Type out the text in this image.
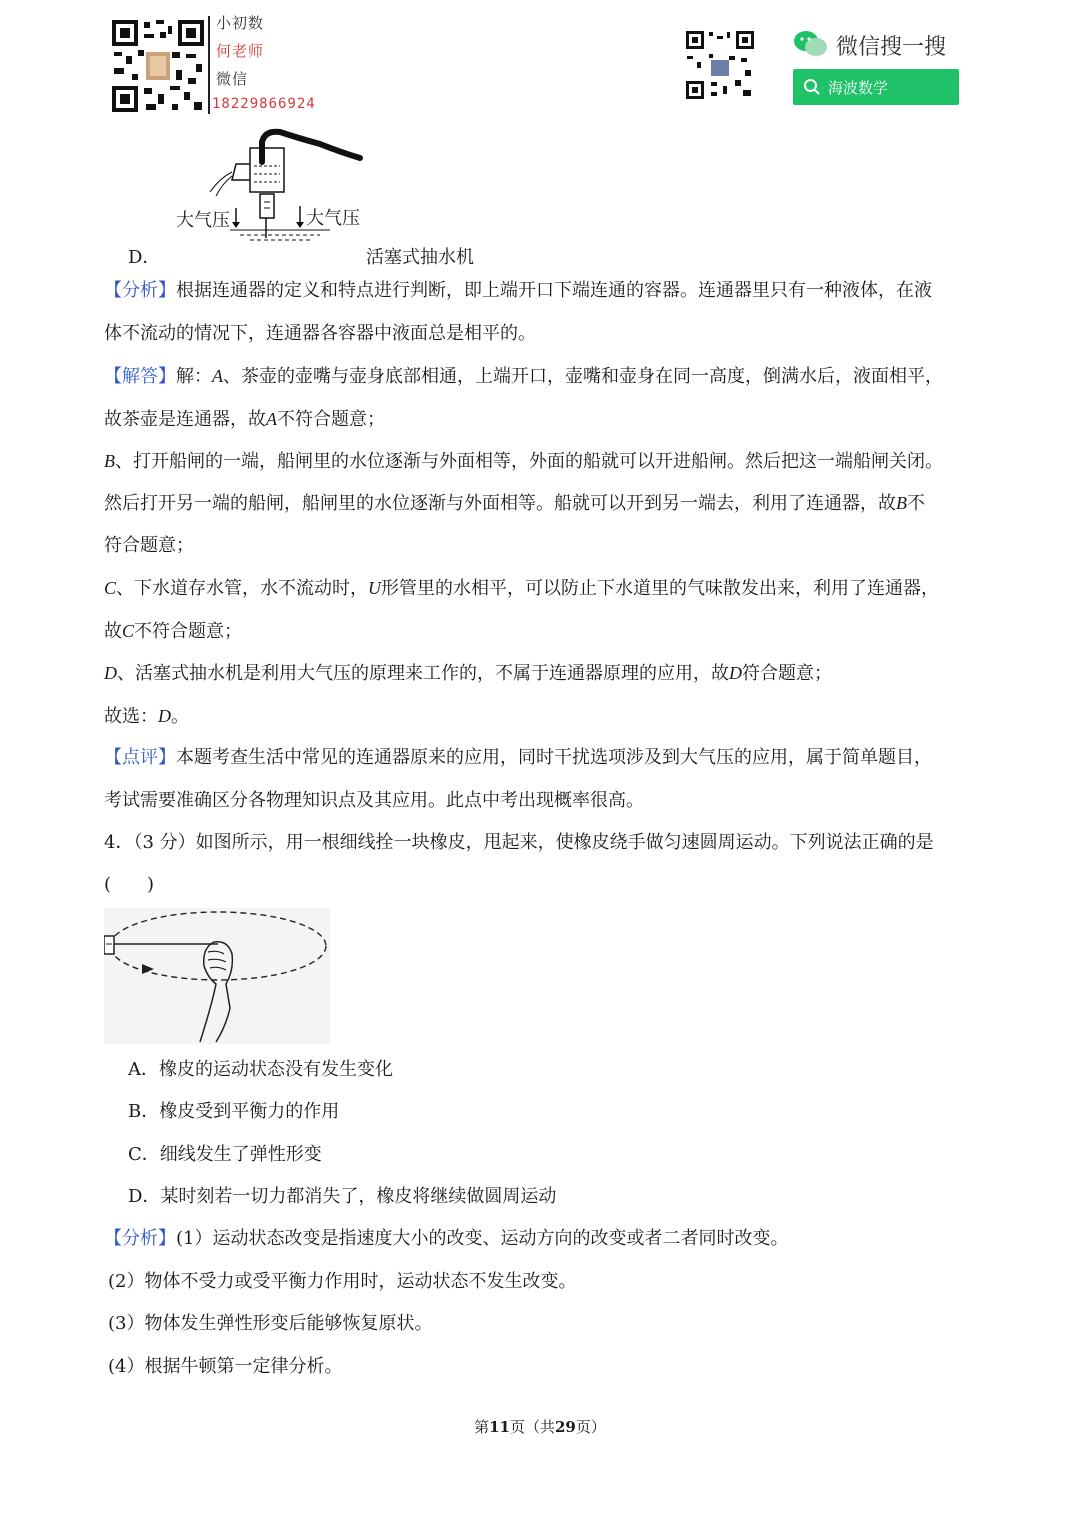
小初数
何老师
微信
18229866924
微信搜一搜
海波数学
大气压	大气压
D．	活塞式抽水机
【分析】根据连通器的定义和特点进行判断，即上端开口下端连通的容器。连通器里只有一种液体，在液
体不流动的情况下，连通器各容器中液面总是相平的。
【解答】解：A、茶壶的壶嘴与壶身底部相通，上端开口，壶嘴和壶身在同一高度，倒满水后，液面相平，
故茶壶是连通器，故A不符合题意；
B、打开船闸的一端，船闸里的水位逐渐与外面相等，外面的船就可以开进船闸。然后把这一端船闸关闭。
然后打开另一端的船闸，船闸里的水位逐渐与外面相等。船就可以开到另一端去，利用了连通器，故B不
符合题意；
C、下水道存水管，水不流动时，U形管里的水相平，可以防止下水道里的气味散发出来，利用了连通器，
故C不符合题意；
D、活塞式抽水机是利用大气压的原理来工作的，不属于连通器原理的应用，故D符合题意；
故选：D。
【点评】本题考查生活中常见的连通器原来的应用，同时干扰选项涉及到大气压的应用，属于简单题目，
考试需要准确区分各物理知识点及其应用。此点中考出现概率很高。
4．（3 分）如图所示，用一根细线拴一块橡皮，甩起来，使橡皮绕手做匀速圆周运动。下列说法正确的是
(　　)
A．橡皮的运动状态没有发生变化
B．橡皮受到平衡力的作用
C．细线发生了弹性形变
D．某时刻若一切力都消失了，橡皮将继续做圆周运动
【分析】(1）运动状态改变是指速度大小的改变、运动方向的改变或者二者同时改变。
(2）物体不受力或受平衡力作用时，运动状态不发生改变。
(3）物体发生弹性形变后能够恢复原状。
(4）根据牛顿第一定律分析。
第11页（共29页）
